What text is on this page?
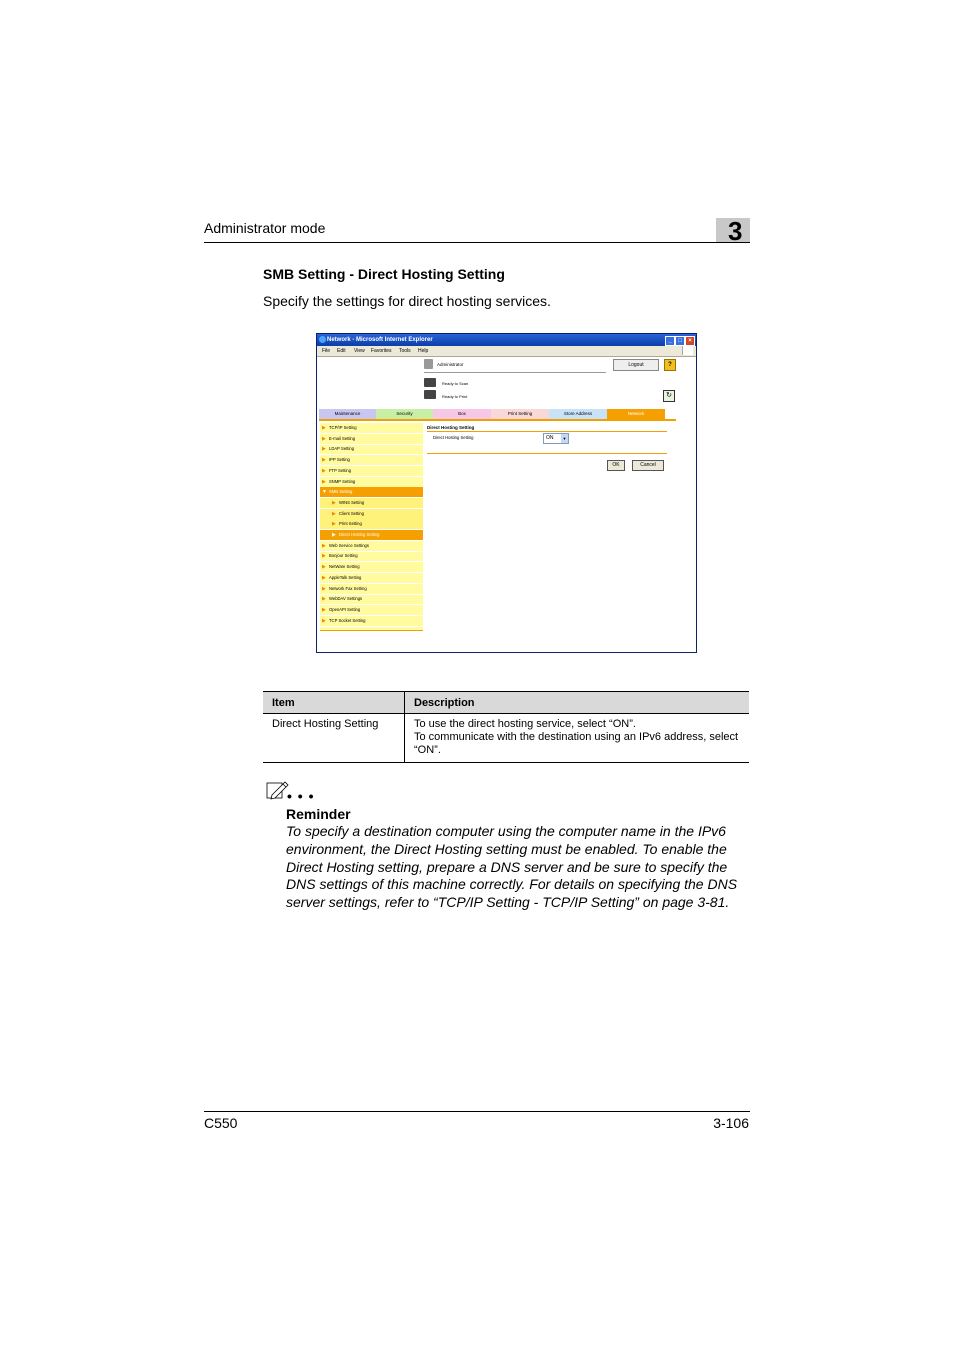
Administrator mode	3
SMB Setting - Direct Hosting Setting
Specify the settings for direct hosting services.
Network - Microsoft Internet Explorer	_	□	×
File Edit View Favorites Tools Help
Administrator	Logout	?
Ready to Scan
Ready to Print	↻
Maintenance	Security	Box	Print Setting	Store Address	Network
▶ TCP/IP Setting
▶ E-mail Setting
▶ LDAP Setting
▶ IPP Setting
▶ FTP Setting
▶ SNMP Setting
▼ SMB Setting
▶ WINS Setting
▶ Client Setting
▶ Print Setting
▶ Direct Hosting Setting
▶ Web Service Settings
▶ Bonjour Setting
▶ NetWare Setting
▶ AppleTalk Setting
▶ Network Fax Setting
▶ WebDAV Settings
▶ OpenAPI Setting
▶ TCP Socket Setting
Direct Hosting Setting
Direct Hosting Setting	ON	▼
OK	Cancel
Item	Description
Direct Hosting Setting	To use the direct hosting service, select “ON”.
To communicate with the destination using an IPv6 address, select “ON”.
• • •
Reminder
To specify a destination computer using the computer name in the IPv6 environment, the Direct Hosting setting must be enabled. To enable the Direct Hosting setting, prepare a DNS server and be sure to specify the DNS settings of this machine correctly. For details on specifying the DNS server settings, refer to “TCP/IP Setting - TCP/IP Setting” on page 3-81.
C550	3-106
